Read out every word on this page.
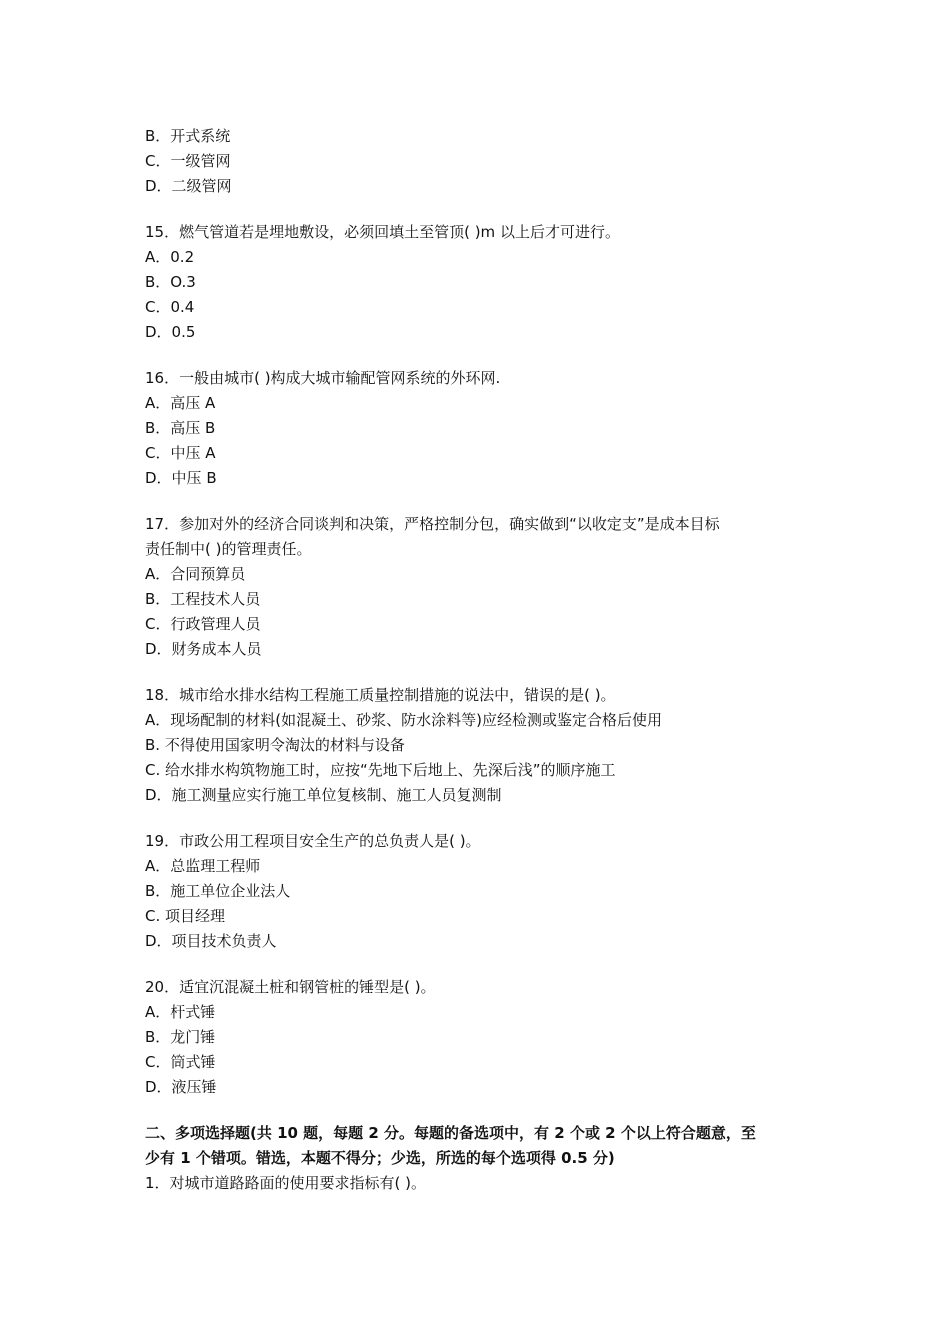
B．开式系统
C．一级管网
D．二级管网
15．燃气管道若是埋地敷设，必须回填土至管顶( )m 以上后才可进行。
A．0.2
B．O.3
C．0.4
D．0.5
16．一般由城市( )构成大城市输配管网系统的外环网.
A．高压 A
B．高压 B
C．中压 A
D．中压 B
17．参加对外的经济合同谈判和决策，严格控制分包，确实做到“以收定支”是成本目标
责任制中( )的管理责任。
A．合同预算员
B．工程技术人员
C．行政管理人员
D．财务成本人员
18．城市给水排水结构工程施工质量控制措施的说法中，错误的是( )。
A．现场配制的材料(如混凝土、砂浆、防水涂料等)应经检测或鉴定合格后使用
B. 不得使用国家明令淘汰的材料与设备
C. 给水排水构筑物施工时，应按“先地下后地上、先深后浅”的顺序施工
D．施工测量应实行施工单位复核制、施工人员复测制
19．市政公用工程项目安全生产的总负责人是( )。
A．总监理工程师
B．施工单位企业法人
C. 项目经理
D．项目技术负责人
20．适宜沉混凝土桩和钢管桩的锤型是( )。
A．杆式锤
B．龙门锤
C．筒式锤
D．液压锤
二、多项选择题(共 10 题，每题 2 分。每题的备选项中，有 2 个或 2 个以上符合题意，至
少有 1 个错项。错选，本题不得分；少选，所选的每个选项得 0.5 分)
1．对城市道路路面的使用要求指标有( )。
